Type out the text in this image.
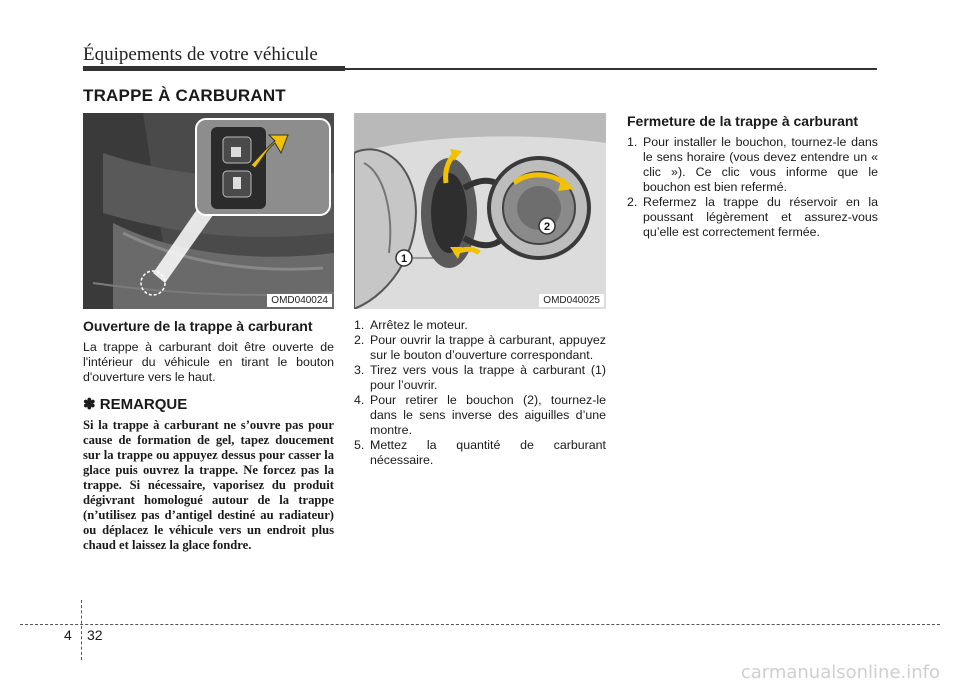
Équipements de votre véhicule
TRAPPE À CARBURANT
OMD040024
1
2
OMD040025
Ouverture de la trappe à carburant

La trappe à carburant doit être ouverte de l'intérieur du véhicule en tirant le bouton d'ouverture vers le haut.

✽ REMARQUE

Si la trappe à carburant ne s’ouvre pas pour cause de formation de gel, tapez doucement sur la trappe ou appuyez dessus pour casser la glace puis ouvrez la trappe. Ne forcez pas la trappe. Si nécessaire, vaporisez du produit dégivrant homologué autour de la trappe (n’utilisez pas d’antigel destiné au radiateur) ou déplacez le véhicule vers un endroit plus chaud et laissez la glace fondre.

1. Arrêtez le moteur.
2. Pour ouvrir la trappe à carburant, appuyez sur le bouton d’ouverture correspondant.
3. Tirez vers vous la trappe à carburant (1) pour l’ouvrir.
4. Pour retirer le bouchon (2), tournez-le dans le sens inverse des aiguilles d’une montre.
5. Mettez la quantité de carburant nécessaire.
Fermeture de la trappe à carburant
1. Pour installer le bouchon, tournez-le dans le sens horaire (vous devez entendre un « clic »). Ce clic vous informe que le bouchon est bien refermé.
2. Refermez la trappe du réservoir en la poussant légèrement et assurez-vous qu’elle est correctement fermée.
4 32
carmanualsonline.info
